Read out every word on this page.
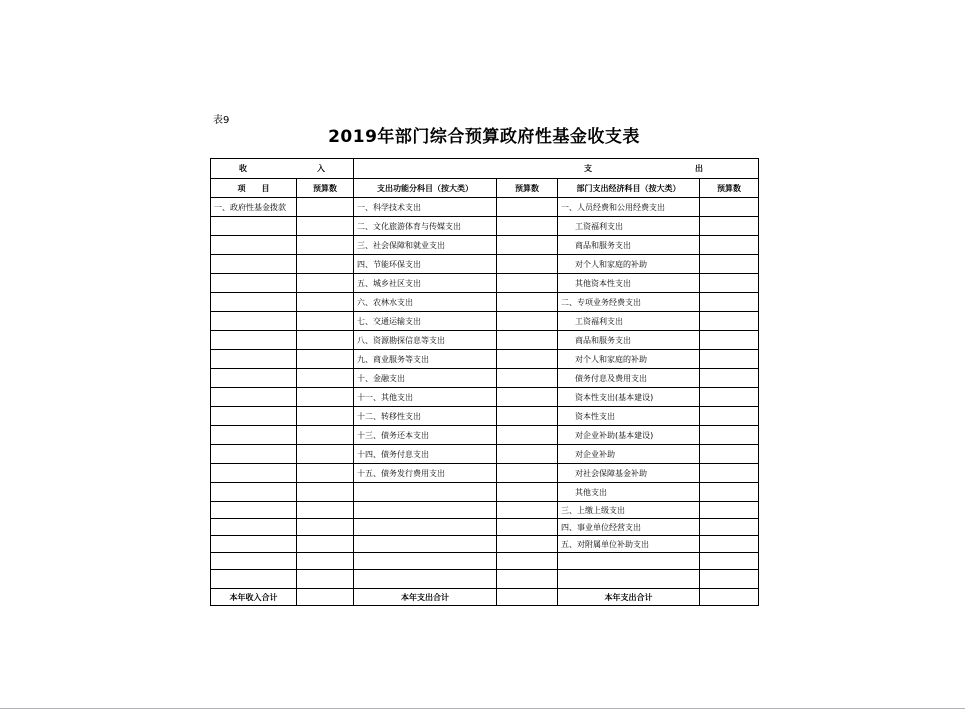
表9
2019年部门综合预算政府性基金收支表
收 入		支 出			

项　　目	预算数	支出功能分科目（按大类）	预算数	部门支出经济科目（按大类）	预算数
一、政府性基金拨款		一、科学技术支出		一、人员经费和公用经费支出	
		二、文化旅游体育与传媒支出		工资福利支出	
		三、社会保障和就业支出		商品和服务支出	
		四、节能环保支出		对个人和家庭的补助	
		五、城乡社区支出		其他资本性支出	
		六、农林水支出		二、专项业务经费支出	
		七、交通运输支出		工资福利支出	
		八、资源勘探信息等支出		商品和服务支出	
		九、商业服务等支出		对个人和家庭的补助	
		十、金融支出		债务付息及费用支出	
		十一、其他支出		资本性支出(基本建设)	
		十二、转移性支出		资本性支出	
		十三、债务还本支出		对企业补助(基本建设)	
		十四、债务付息支出		对企业补助	
		十五、债务发行费用支出		对社会保障基金补助	
				其他支出	
				三、上缴上级支出	
				四、事业单位经营支出	
				五、对附属单位补助支出	

本年收入合计		本年支出合计		本年支出合计	
